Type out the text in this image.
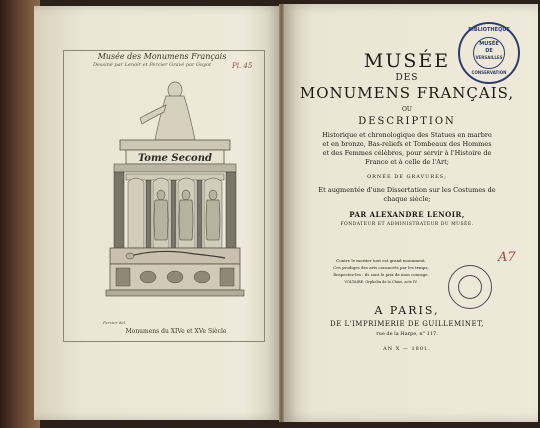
Musée des Monumens Français
Dessiné par Lenoir et Percier Gravé par Guyot	Pl. 45
Tome Second
Percier del.
Monumens du XIVe et XVe Siècle
BIBLIOTHÈQUE
MUSÉE
DE
VERSAILLES
CONSERVATION
MUSÉE
DES
MONUMENS FRANÇAIS,
OU
DESCRIPTION
Historique et chronologique des Statues en marbre
et en bronze, Bas-reliefs et Tombeaux des Hommes
et des Femmes célèbres, pour servir à l'Histoire de
France et à celle de l'Art;
ORNÉE DE GRAVURES;
Et augmentée d'une Dissertation sur les Costumes de
chaque siècle;
PAR ALEXANDRE LENOIR,
FONDATEUR ET ADMINISTRATEUR DU MUSÉE.
Contre le mortier tout est grand monument,
Ces prodiges des arts consacrés par les temps;
Respectez-les : ils sont le prix de mon courage.
VOLTAIRE, Orphelin de la Chine, acte IV.
A7
A PARIS,
DE L'IMPRIMERIE DE GUILLEMINET,
rue de la Harpe, n° 117.
AN X — 1801.
